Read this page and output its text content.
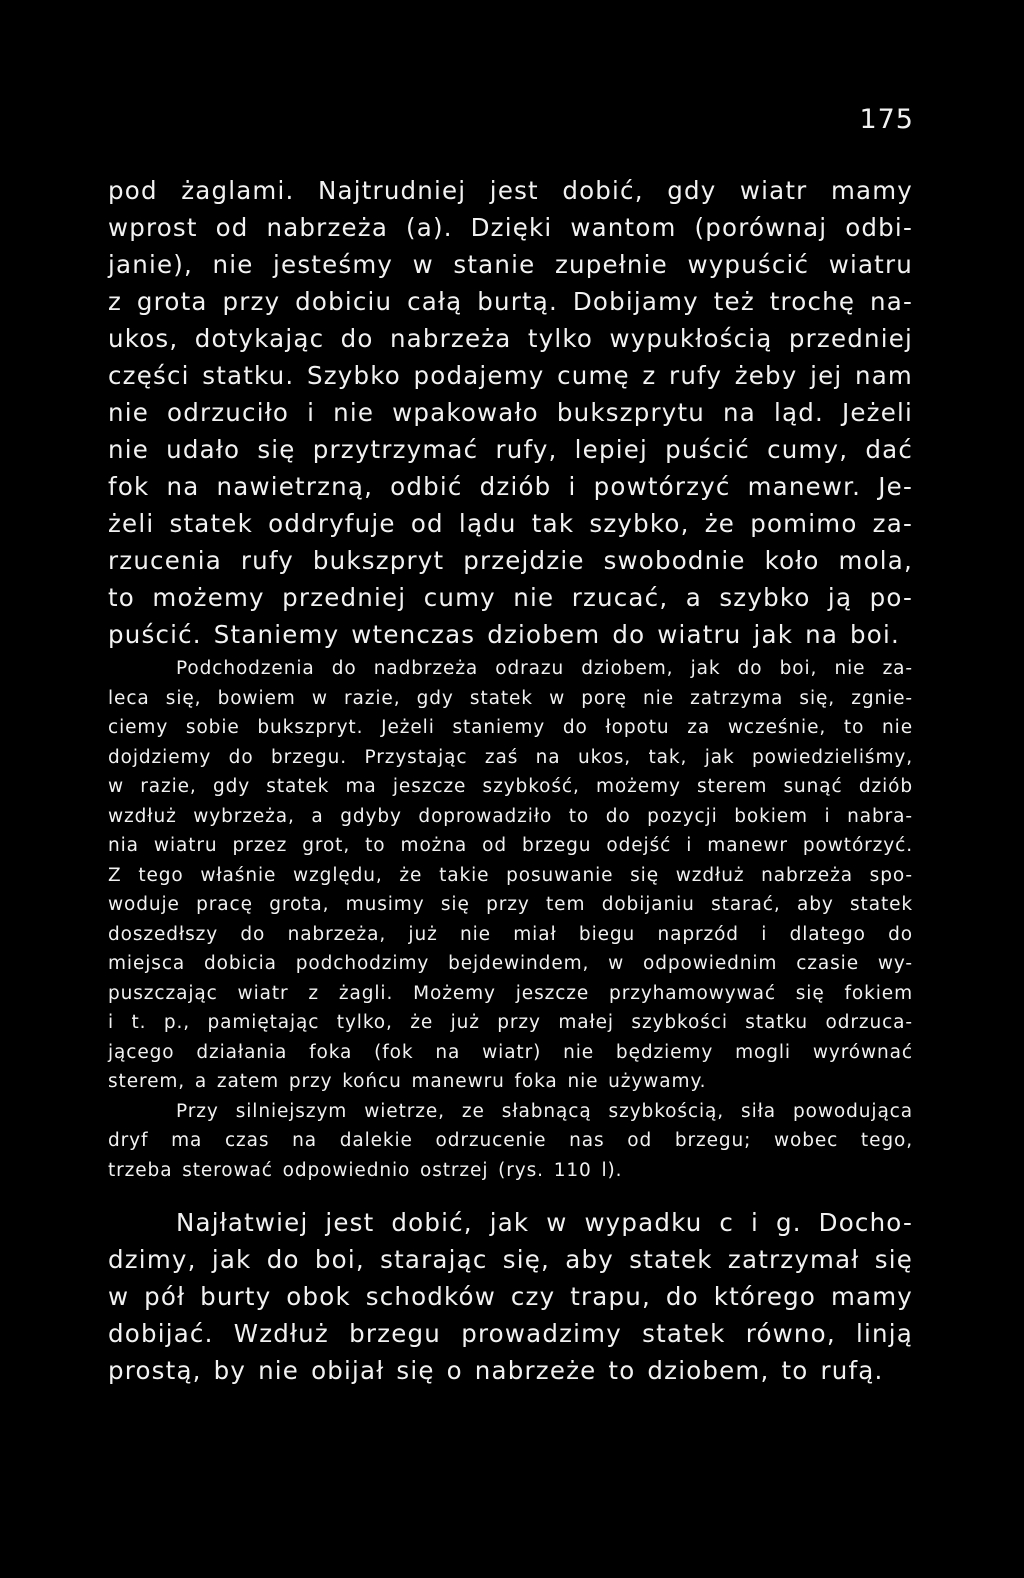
175
pod żaglami. Najtrudniej jest dobić, gdy wiatr mamy
wprost od nabrzeża (a). Dzięki wantom (porównaj odbi-
janie), nie jesteśmy w stanie zupełnie wypuścić wiatru
z grota przy dobiciu całą burtą. Dobijamy też trochę na-
ukos, dotykając do nabrzeża tylko wypukłością przedniej
części statku. Szybko podajemy cumę z rufy żeby jej nam
nie odrzuciło i nie wpakowało bukszprytu na ląd. Jeżeli
nie udało się przytrzymać rufy, lepiej puścić cumy, dać
fok na nawietrzną, odbić dziób i powtórzyć manewr. Je-
żeli statek oddryfuje od lądu tak szybko, że pomimo za-
rzucenia rufy bukszpryt przejdzie swobodnie koło mola,
to możemy przedniej cumy nie rzucać, a szybko ją po-
puścić. Staniemy wtenczas dziobem do wiatru jak na boi.
Podchodzenia do nadbrzeża odrazu dziobem, jak do boi, nie za-
leca się, bowiem w razie, gdy statek w porę nie zatrzyma się, zgnie-
ciemy sobie bukszpryt. Jeżeli staniemy do łopotu za wcześnie, to nie
dojdziemy do brzegu. Przystając zaś na ukos, tak, jak powiedzieliśmy,
w razie, gdy statek ma jeszcze szybkość, możemy sterem sunąć dziób
wzdłuż wybrzeża, a gdyby doprowadziło to do pozycji bokiem i nabra-
nia wiatru przez grot, to można od brzegu odejść i manewr powtórzyć.
Z tego właśnie względu, że takie posuwanie się wzdłuż nabrzeża spo-
woduje pracę grota, musimy się przy tem dobijaniu starać, aby statek
doszedłszy do nabrzeża, już nie miał biegu naprzód i dlatego do
miejsca dobicia podchodzimy bejdewindem, w odpowiednim czasie wy-
puszczając wiatr z żagli. Możemy jeszcze przyhamowywać się fokiem
i t. p., pamiętając tylko, że już przy małej szybkości statku odrzuca-
jącego działania foka (fok na wiatr) nie będziemy mogli wyrównać
sterem, a zatem przy końcu manewru foka nie używamy.
Przy silniejszym wietrze, ze słabnącą szybkością, siła powodująca
dryf ma czas na dalekie odrzucenie nas od brzegu; wobec tego,
trzeba sterować odpowiednio ostrzej (rys. 110 l).
Najłatwiej jest dobić, jak w wypadku c i g. Docho-
dzimy, jak do boi, starając się, aby statek zatrzymał się
w pół burty obok schodków czy trapu, do którego mamy
dobijać. Wzdłuż brzegu prowadzimy statek równo, linją
prostą, by nie obijał się o nabrzeże to dziobem, to rufą.
